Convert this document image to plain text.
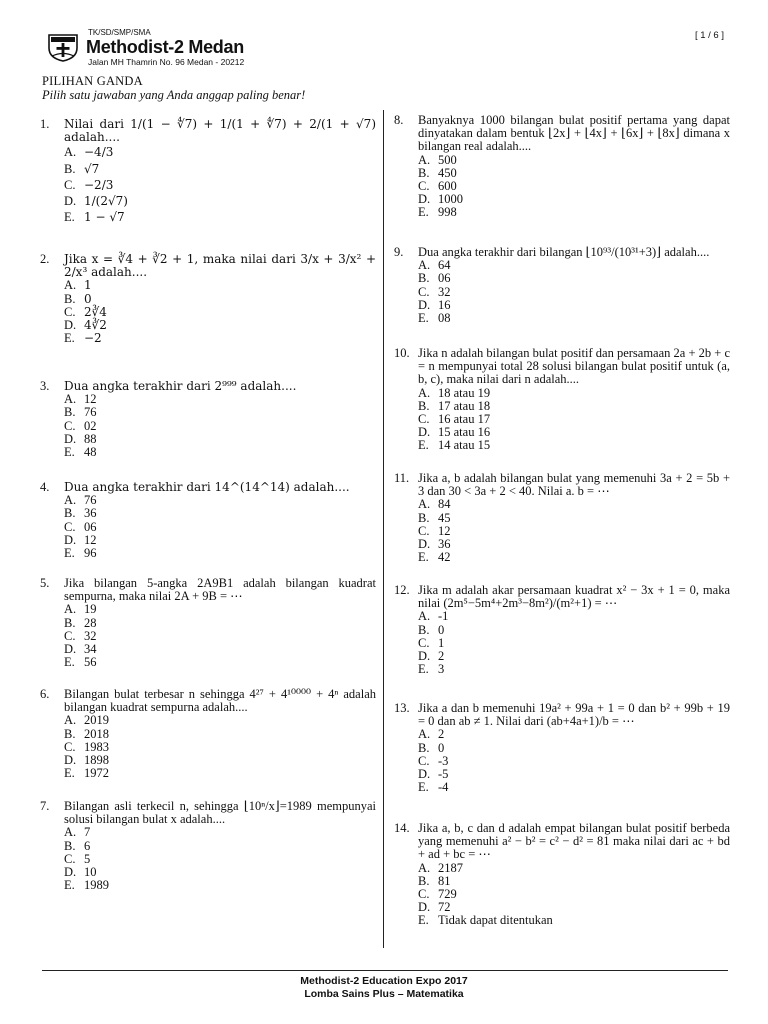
TK/SD/SMP/SMA
Methodist-2 Medan
Jalan MH Thamrin No. 96 Medan - 20212
[ 1 / 6 ]
PILIHAN GANDA
Pilih satu jawaban yang Anda anggap paling benar!
1.	Nilai dari 1/(1 − ∜7) + 1/(1 + ∜7) + 2/(1 + √7) adalah....
A. −4/3
B. √7
C. −2/3
D. 1/(2√7)
E. 1 − √7
2.	Jika x = ∛4 + ∛2 + 1, maka nilai dari 3/x + 3/x² + 2/x³ adalah....
A. 1
B. 0
C. 2∛4
D. 4∛2
E. −2
3.	Dua angka terakhir dari 2⁹⁹⁹ adalah....
A. 12
B. 76
C. 02
D. 88
E. 48
4.	Dua angka terakhir dari 14^(14^14) adalah....
A. 76
B. 36
C. 06
D. 12
E. 96
5.	Jika bilangan 5-angka 2A9B1 adalah bilangan kuadrat sempurna, maka nilai 2A + 9B = ⋯
A. 19
B. 28
C. 32
D. 34
E. 56
6.	Bilangan bulat terbesar n sehingga 4²⁷ + 4¹⁰⁰⁰⁰ + 4ⁿ adalah bilangan kuadrat sempurna adalah....
A. 2019
B. 2018
C. 1983
D. 1898
E. 1972
7.	Bilangan asli terkecil n, sehingga ⌊10ⁿ/x⌋=1989 mempunyai solusi bilangan bulat x adalah....
A. 7
B. 6
C. 5
D. 10
E. 1989
8.	Banyaknya 1000 bilangan bulat positif pertama yang dapat dinyatakan dalam bentuk ⌊2x⌋ + ⌊4x⌋ + ⌊6x⌋ + ⌊8x⌋ dimana x bilangan real adalah....
A. 500
B. 450
C. 600
D. 1000
E. 998
9.	Dua angka terakhir dari bilangan ⌊10⁹³/(10³¹+3)⌋ adalah....
A. 64
B. 06
C. 32
D. 16
E. 08
10. Jika n adalah bilangan bulat positif dan persamaan 2a + 2b + c = n mempunyai total 28 solusi bilangan bulat positif untuk (a, b, c), maka nilai dari n adalah....
A. 18 atau 19
B. 17 atau 18
C. 16 atau 17
D. 15 atau 16
E. 14 atau 15
11. Jika a, b adalah bilangan bulat yang memenuhi 3a + 2 = 5b + 3 dan 30 < 3a + 2 < 40. Nilai a. b = ⋯
A. 84
B. 45
C. 12
D. 36
E. 42
12. Jika m adalah akar persamaan kuadrat x² − 3x + 1 = 0, maka nilai (2m⁵−5m⁴+2m³−8m²)/(m²+1) = ⋯
A. -1
B. 0
C. 1
D. 2
E. 3
13. Jika a dan b memenuhi 19a² + 99a + 1 = 0 dan b² + 99b + 19 = 0 dan ab ≠ 1. Nilai dari (ab+4a+1)/b = ⋯
A. 2
B. 0
C. -3
D. -5
E. -4
14. Jika a, b, c dan d adalah empat bilangan bulat positif berbeda yang memenuhi a² − b² = c² − d² = 81 maka nilai dari ac + bd + ad + bc = ⋯
A. 2187
B. 81
C. 729
D. 72
E. Tidak dapat ditentukan
Methodist-2 Education Expo 2017
Lomba Sains Plus – Matematika
